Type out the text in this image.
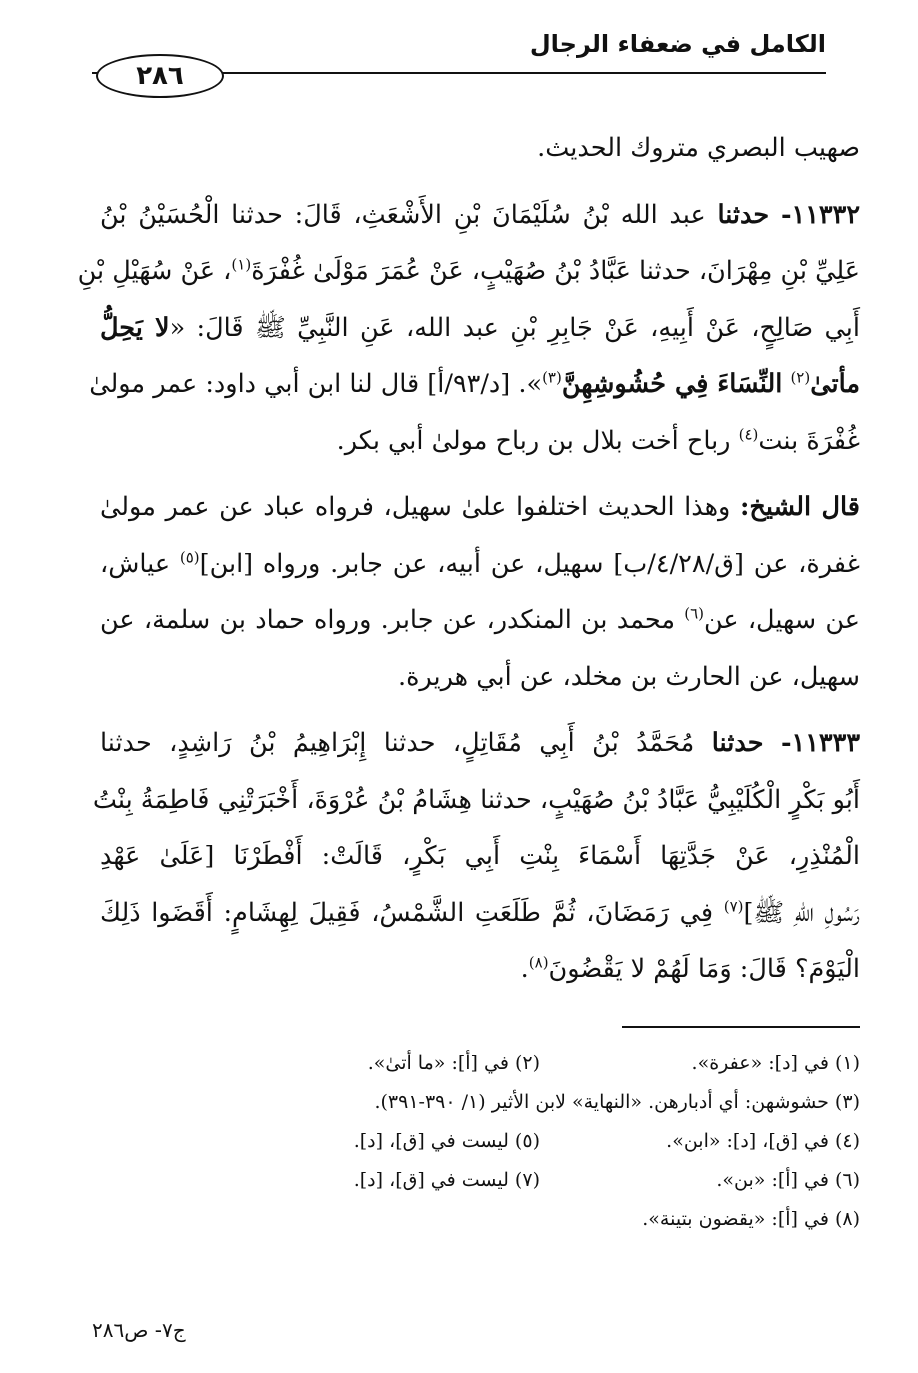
الكامل في ضعفاء الرجال
٢٨٦
صهيب البصري متروك الحديث.
١١٣٣٢- حدثنا عبد الله بْنُ سُلَيْمَانَ بْنِ الأَشْعَثِ، قَالَ: حدثنا الْحُسَيْنُ بْنُ
عَلِيِّ بْنِ مِهْرَانَ، حدثنا عَبَّادُ بْنُ صُهَيْبٍ، عَنْ عُمَرَ مَوْلَىٰ غُفْرَةَ$^{(١)}$، عَنْ سُهَيْلِ بْنِ
أَبِي صَالِحٍ، عَنْ أَبِيهِ، عَنْ جَابِرِ بْنِ عبد الله، عَنِ النَّبِيِّ ﷺ قَالَ: «لا يَحِلُّ
مأتىٰ$^{(٢)}$ النِّسَاءَ فِي حُشُوشِهِنَّ$^{(٣)}$». [د/٩٣/أ] قال لنا ابن أبي داود: عمر مولىٰ
غُفْرَةَ بنت$^{(٤)}$ رباح أخت بلال بن رباح مولىٰ أبي بكر.
قال الشيخ: وهذا الحديث اختلفوا علىٰ سهيل، فرواه عباد عن عمر مولىٰ
غفرة، عن [ق/٤/٢٨/ب] سهيل، عن أبيه، عن جابر. ورواه [ابن]$^{(٥)}$ عياش،
عن سهيل، عن$^{(٦)}$ محمد بن المنكدر، عن جابر. ورواه حماد بن سلمة، عن
سهيل، عن الحارث بن مخلد، عن أبي هريرة.
١١٣٣٣- حدثنا مُحَمَّدُ بْنُ أَبِي مُقَاتِلٍ، حدثنا إِبْرَاهِيمُ بْنُ رَاشِدٍ، حدثنا
أَبُو بَكْرٍ الْكُلَيْبِيُّ عَبَّادُ بْنُ صُهَيْبٍ، حدثنا هِشَامُ بْنُ عُرْوَةَ، أَخْبَرَتْنِي فَاطِمَةُ بِنْتُ
الْمُنْذِرِ، عَنْ جَدَّتِهَا أَسْمَاءَ بِنْتِ أَبِي بَكْرٍ، قَالَتْ: أَفْطَرْنَا [عَلَىٰ عَهْدِ
رَسُولِ اللهِ ﷺ]$^{(٧)}$ فِي رَمَضَانَ، ثُمَّ طَلَعَتِ الشَّمْسُ، فَقِيلَ لِهِشَامٍ: أَقَضَوا ذَلِكَ
الْيَوْمَ؟ قَالَ: وَمَا لَهُمْ لا يَقْضُونَ$^{(٨)}$.
(١) في [د]: «عفرة».
(٢) في [أ]: «ما أتىٰ».
(٣) حشوشهن: أي أدبارهن. «النهاية» لابن الأثير (١/ ٣٩٠-٣٩١).
(٤) في [ق]، [د]: «ابن».
(٥) ليست في [ق]، [د].
(٦) في [أ]: «بن».
(٧) ليست في [ق]، [د].
(٨) في [أ]: «يقضون بتينة».
ج٧- ص٢٨٦
